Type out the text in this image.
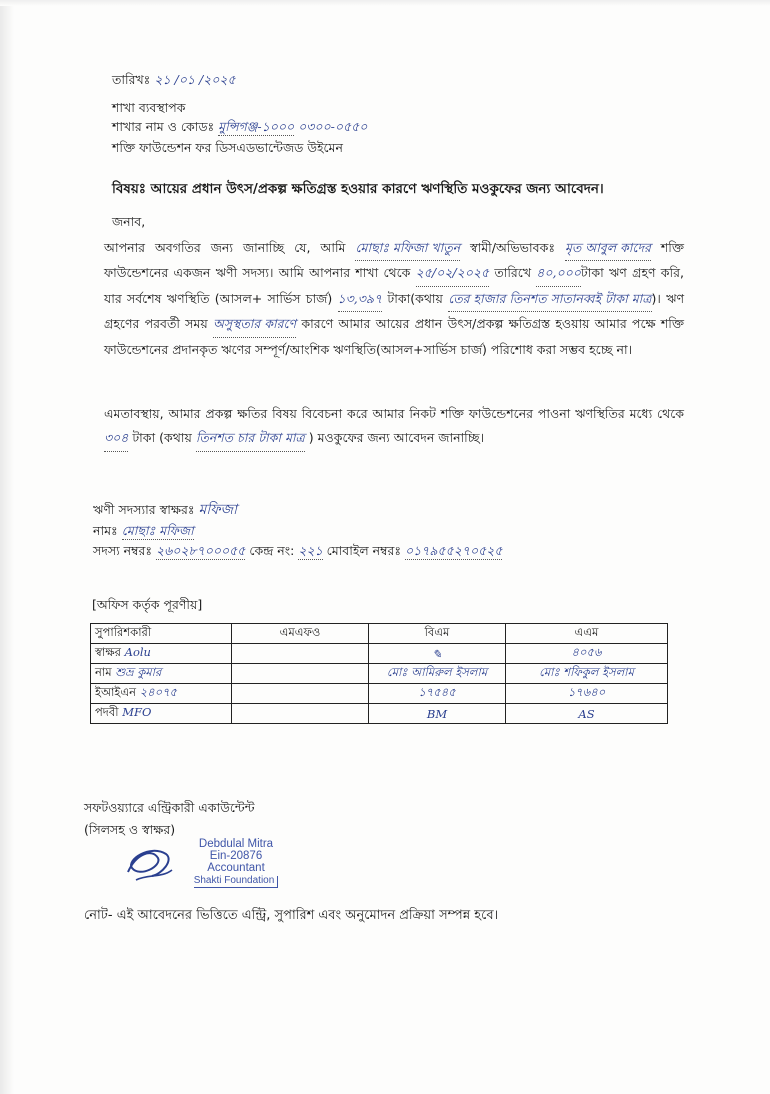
তারিখঃ ২১ /০১ /২০২৫
শাখা ব্যবস্থাপক
শাখার নাম ও কোডঃ মুন্সিগঞ্জ-১০০০ ০৩০০-০৫৫০
শক্তি ফাউন্ডেশন ফর ডিসএডভান্টেজড উইমেন
বিষয়ঃ আয়ের প্রধান উৎস/প্রকল্প ক্ষতিগ্রস্ত হওয়ার কারণে ঋণস্থিতি মওকুফের জন্য আবেদন।
জনাব,
আপনার অবগতির জন্য জানাচ্ছি যে, আমি মোছাঃ মফিজা খাতুন স্বামী/অভিভাবকঃ মৃত আবুল কাদের শক্তি ফাউন্ডেশনের একজন ঋণী সদস্য। আমি আপনার শাখা থেকে ২৫/০২/২০২৫ তারিখে ৪০,০০০টাকা ঋণ গ্রহণ করি, যার সর্বশেষ ঋণস্থিতি (আসল+ সার্ভিস চার্জ) ১৩,৩৯৭ টাকা(কথায় তের হাজার তিনশত সাতানব্বই টাকা মাত্র)। ঋণ গ্রহণের পরবর্তী সময় অসুস্থতার কারণে কারণে আমার আয়ের প্রধান উৎস/প্রকল্প ক্ষতিগ্রস্ত হওয়ায় আমার পক্ষে শক্তি ফাউন্ডেশনের প্রদানকৃত ঋণের সম্পূর্ণ/আংশিক ঋণস্থিতি(আসল+সার্ভিস চার্জ) পরিশোধ করা সম্ভব হচ্ছে না।
এমতাবস্থায়, আমার প্রকল্প ক্ষতির বিষয় বিবেচনা করে আমার নিকট শক্তি ফাউন্ডেশনের পাওনা ঋণস্থিতির মধ্যে থেকে ৩০৪ টাকা (কথায় তিনশত চার টাকা মাত্র ) মওকুফের জন্য আবেদন জানাচ্ছি।
ঋণী সদস্যার স্বাক্ষরঃ মফিজা
নামঃ মোছাঃ মফিজা
সদস্য নম্বরঃ ২৬০২৮৭০০০৫৫ কেন্দ্র নং: ২২১ মোবাইল নম্বরঃ ০১৭৯৫৫২৭০৫২৫
[অফিস কর্তৃক পূরণীয়]
সুপারিশকারী	এমএফও	বিএম	এএম
স্বাক্ষর Aolu		✎	৪০৫৬
নাম শুভ্র কুমার		মোঃ আমিরুল ইসলাম	মোঃ শফিকুল ইসলাম
ইআইএন ২৪০৭৫		১৭৫৪৫	১৭৬৪০
পদবী MFO		BM	AS
সফটওয়্যারে এন্ট্রিকারী একাউন্টেন্ট
(সিলসহ ও স্বাক্ষর)
Debdulal Mitra
Ein-20876
Accountant
Shakti Foundation
নোট- এই আবেদনের ভিত্তিতে এন্ট্রি, সুপারিশ এবং অনুমোদন প্রক্রিয়া সম্পন্ন হবে।
